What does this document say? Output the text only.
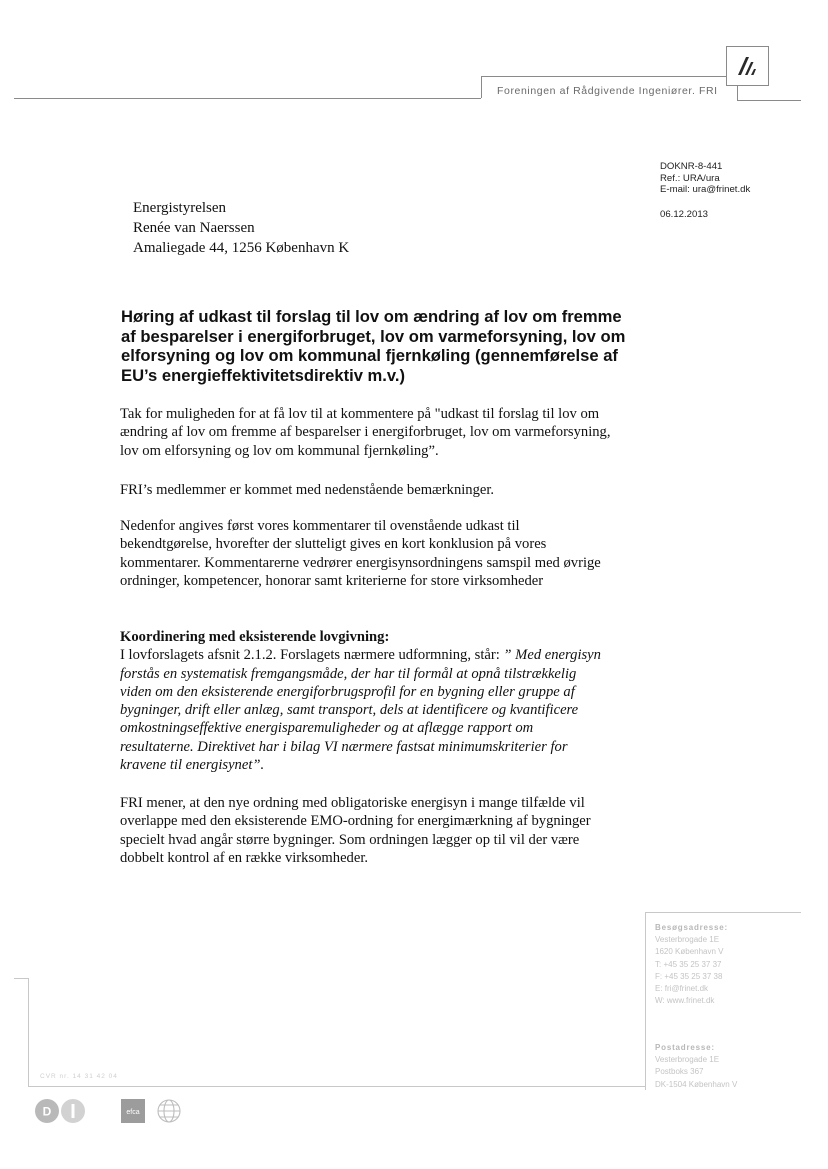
Foreningen af Rådgivende Ingeniører. FRI
DOKNR-8-441
Ref.: URA/ura
E-mail: ura@frinet.dk
06.12.2013
Energistyrelsen
Renée van Naerssen
Amaliegade 44, 1256 København K
Høring af udkast til forslag til lov om ændring af lov om fremme
af besparelser i energiforbruget, lov om varmeforsyning, lov om
elforsyning og lov om kommunal fjernkøling (gennemførelse af
EU’s energieffektivitetsdirektiv m.v.)
Tak for muligheden for at få lov til at kommentere på "udkast til forslag til lov om
ændring af lov om fremme af besparelser i energiforbruget, lov om varmeforsyning,
lov om elforsyning og lov om kommunal fjernkøling”.
FRI’s medlemmer er kommet med nedenstående bemærkninger.
Nedenfor angives først vores kommentarer til ovenstående udkast til
bekendtgørelse, hvorefter der slutteligt gives en kort konklusion på vores
kommentarer. Kommentarerne vedrører energisynsordningens samspil med øvrige
ordninger, kompetencer, honorar samt kriterierne for store virksomheder
Koordinering med eksisterende lovgivning:
I lovforslagets afsnit 2.1.2. Forslagets nærmere udformning, står: ” Med energisyn
forstås en systematisk fremgangsmåde, der har til formål at opnå tilstrækkelig
viden om den eksisterende energiforbrugsprofil for en bygning eller gruppe af
bygninger, drift eller anlæg, samt transport, dels at identificere og kvantificere
omkostningseffektive energisparemuligheder og at aflægge rapport om
resultaterne. Direktivet har i bilag VI nærmere fastsat minimumskriterier for
kravene til energisynet”.
FRI mener, at den nye ordning med obligatoriske energisyn i mange tilfælde vil
overlappe med den eksisterende EMO-ordning for energimærkning af bygninger
specielt hvad angår større bygninger. Som ordningen lægger op til vil der være
dobbelt kontrol af en række virksomheder.
Besøgsadresse:
Vesterbrogade 1E
1620 København V
T: +45 35 25 37 37
F: +45 35 25 37 38
E: fri@frinet.dk
W: www.frinet.dk
Postadresse:
Vesterbrogade 1E
Postboks 367
DK-1504 København V
CVR nr. 14 31 42 04
D	efca
